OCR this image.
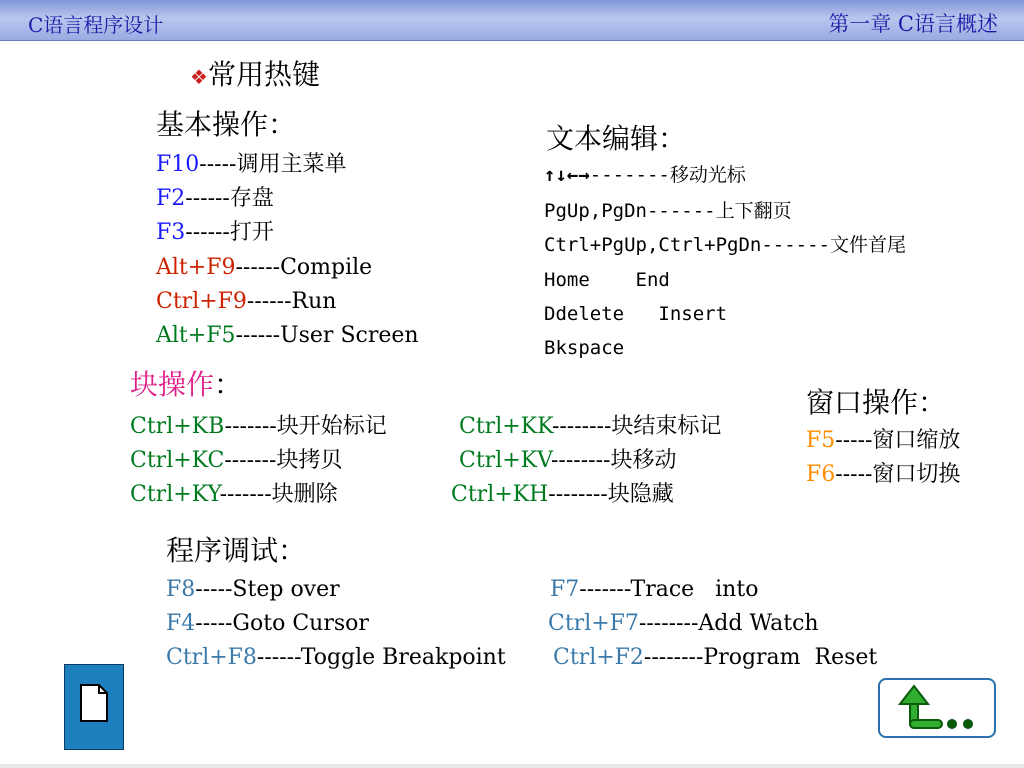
C语言程序设计	第一章 C语言概述
❖常用热键
基本操作：
F10-----调用主菜单
F2------存盘
F3------打开
Alt+F9------Compile
Ctrl+F9------Run
Alt+F5------User Screen
文本编辑：
↑↓←→-------移动光标
PgUp,PgDn------上下翻页
Ctrl+PgUp,Ctrl+PgDn------文件首尾
Home    End
Ddelete   Insert
Bkspace
块操作：
Ctrl+KB-------块开始标记	Ctrl+KK--------块结束标记
Ctrl+KC-------块拷贝	Ctrl+KV--------块移动
Ctrl+KY-------块删除	Ctrl+KH--------块隐藏
窗口操作：
F5-----窗口缩放
F6-----窗口切换
程序调试：
F8-----Step over	F7-------Trace   into
F4-----Goto Cursor	Ctrl+F7--------Add Watch
Ctrl+F8------Toggle Breakpoint Ctrl+F2--------Program  Reset
